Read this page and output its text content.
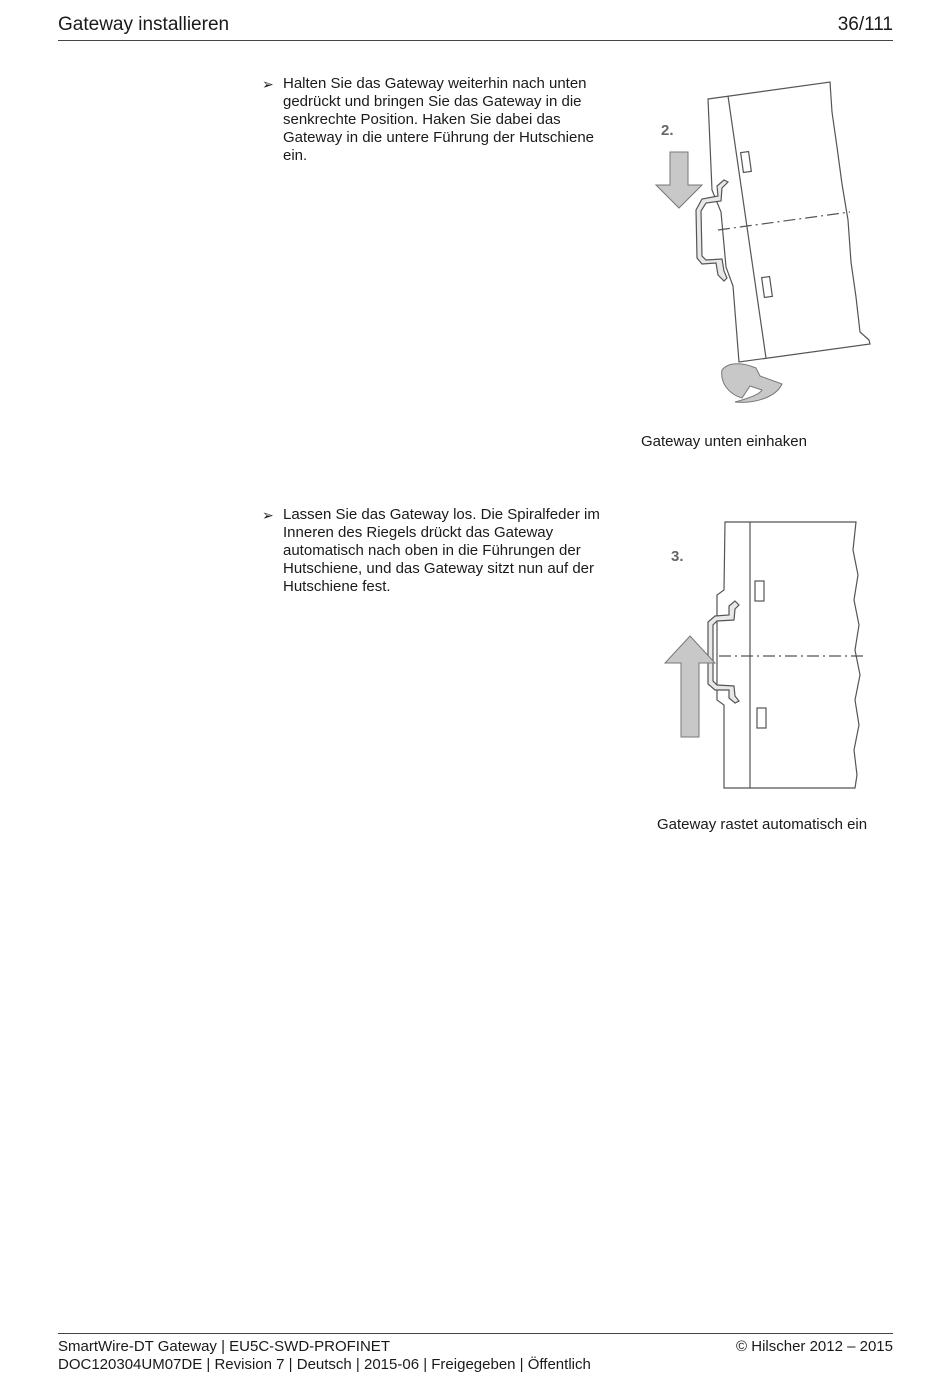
Gateway installieren	36/111
➢ Halten Sie das Gateway weiterhin nach unten gedrückt und bringen Sie das Gateway in die senkrechte Position. Haken Sie dabei das Gateway in die untere Führung der Hutschiene ein.
2.
Gateway unten einhaken
➢ Lassen Sie das Gateway los. Die Spiralfeder im Inneren des Riegels drückt das Gateway automatisch nach oben in die Führungen der Hutschiene, und das Gateway sitzt nun auf der Hutschiene fest.
3.
Gateway rastet automatisch ein
SmartWire-DT Gateway | EU5C-SWD-PROFINET
DOC120304UM07DE | Revision 7 | Deutsch | 2015-06 | Freigegeben | Öffentlich
© Hilscher 2012 – 2015
